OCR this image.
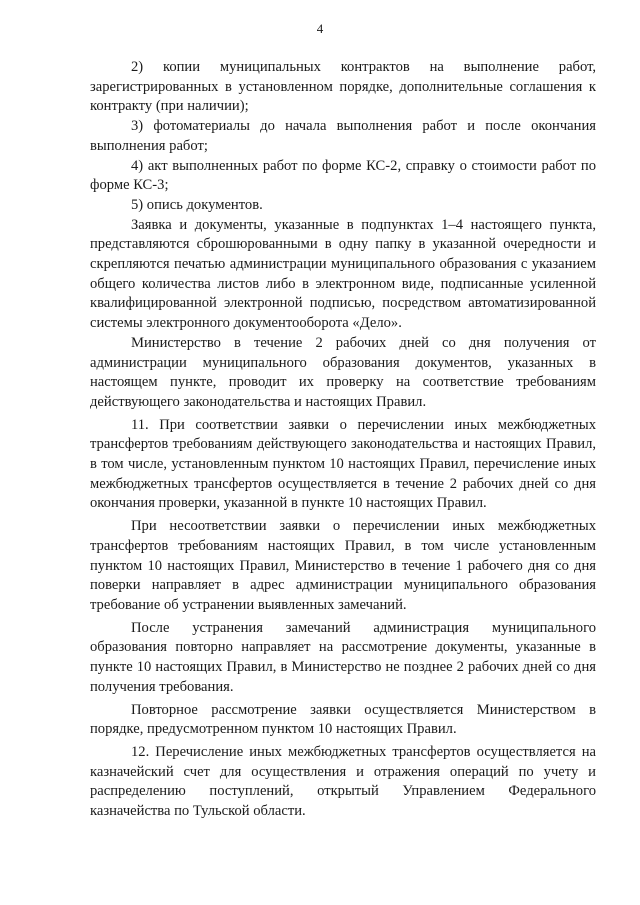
4

2) копии муниципальных контрактов на выполнение работ, зарегистрированных в установленном порядке, дополнительные соглашения к контракту (при наличии);

3) фотоматериалы до начала выполнения работ и после окончания выполнения работ;

4) акт выполненных работ по форме КС-2, справку о стоимости работ по форме КС-3;

5) опись документов.

Заявка и документы, указанные в подпунктах 1–4 настоящего пункта, представляются сброшюрованными в одну папку в указанной очередности и скрепляются печатью администрации муниципального образования с указанием общего количества листов либо в электронном виде, подписанные усиленной квалифицированной электронной подписью, посредством автоматизированной системы электронного документооборота «Дело».

Министерство в течение 2 рабочих дней со дня получения от администрации муниципального образования документов, указанных в настоящем пункте, проводит их проверку на соответствие требованиям действующего законодательства и настоящих Правил.

11. При соответствии заявки о перечислении иных межбюджетных трансфертов требованиям действующего законодательства и настоящих Правил, в том числе, установленным пунктом 10 настоящих Правил, перечисление иных межбюджетных трансфертов осуществляется в течение 2 рабочих дней со дня окончания проверки, указанной в пункте 10 настоящих Правил.

При несоответствии заявки о перечислении иных межбюджетных трансфертов требованиям настоящих Правил, в том числе установленным пунктом 10 настоящих Правил, Министерство в течение 1 рабочего дня со дня поверки направляет в адрес администрации муниципального образования требование об устранении выявленных замечаний.

После устранения замечаний администрация муниципального образования повторно направляет на рассмотрение документы, указанные в пункте 10 настоящих Правил, в Министерство не позднее 2 рабочих дней со дня получения требования.

Повторное рассмотрение заявки осуществляется Министерством в порядке, предусмотренном пунктом 10 настоящих Правил.

12. Перечисление иных межбюджетных трансфертов осуществляется на казначейский счет для осуществления и отражения операций по учету и распределению поступлений, открытый Управлением Федерального казначейства по Тульской области.
